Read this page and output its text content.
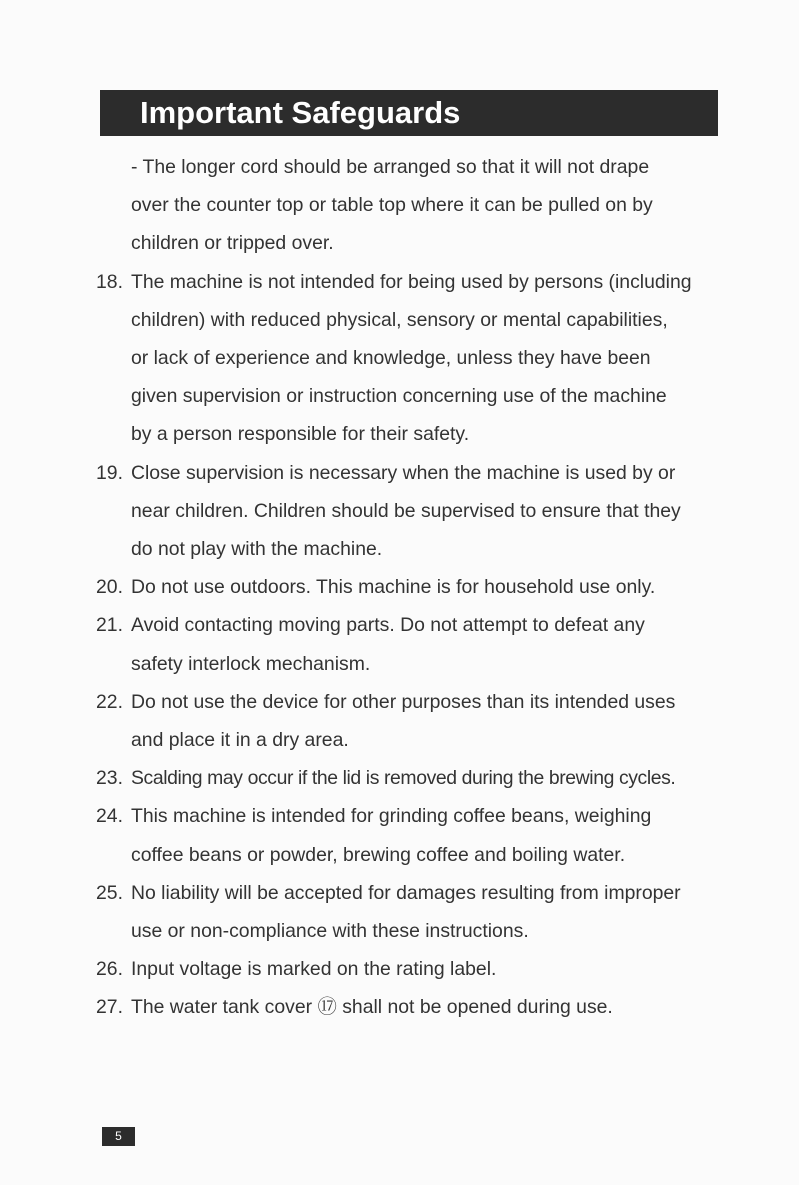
Important Safeguards
- The longer cord should be arranged so that it will not drape
over the counter top or table top where it can be pulled on by
children or tripped over.
18. The machine is not intended for being used by persons (including
children) with reduced physical, sensory or mental capabilities,
or lack of experience and knowledge, unless they have been
given supervision or instruction concerning use of the machine
by a person responsible for their safety.
19. Close supervision is necessary when the machine is used by or
near children. Children should be supervised to ensure that they
do not play with the machine.
20. Do not use outdoors. This machine is for household use only.
21. Avoid contacting moving parts. Do not attempt to defeat any
safety interlock mechanism.
22. Do not use the device for other purposes than its intended uses
and place it in a dry area.
23. Scalding may occur if the lid is removed during the brewing cycles.
24. This machine is intended for grinding coffee beans, weighing
coffee beans or powder, brewing coffee and boiling water.
25. No liability will be accepted for damages resulting from improper
use or non-compliance with these instructions.
26. Input voltage is marked on the rating label.
27. The water tank cover ⑰ shall not be opened during use.
5
